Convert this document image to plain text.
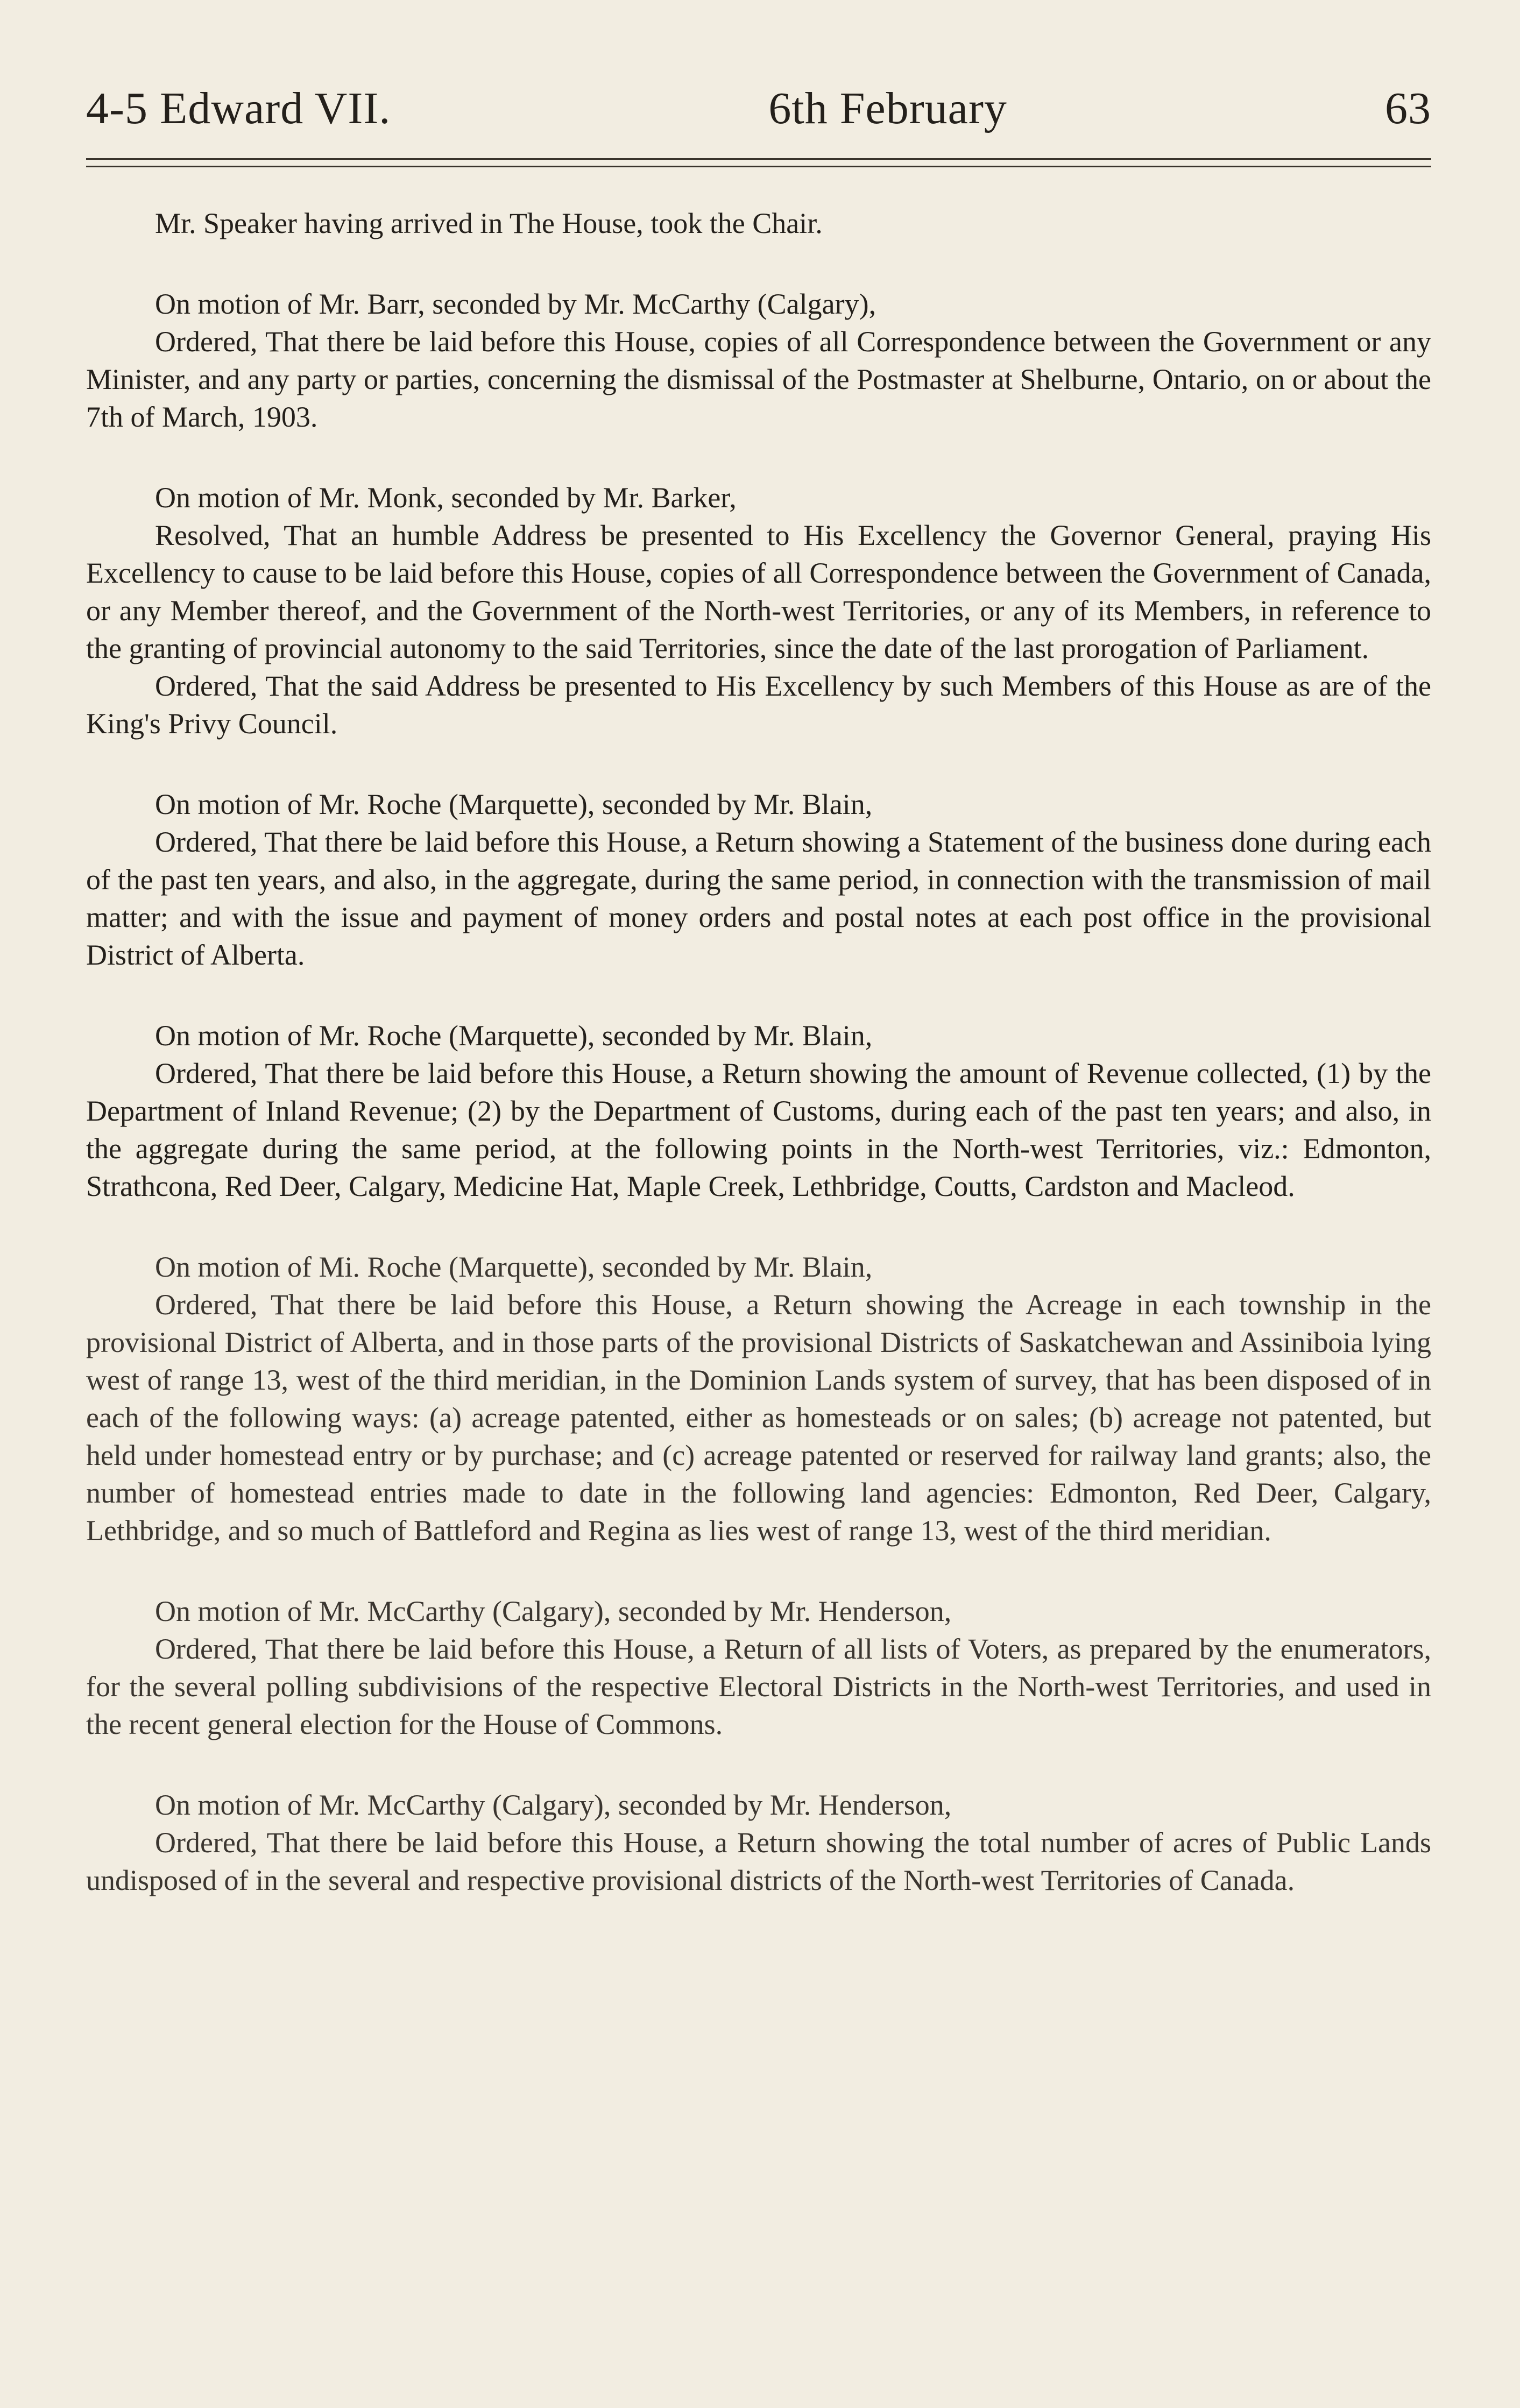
4-5 Edward VII.	6th February	63

Mr. Speaker having arrived in The House, took the Chair.

On motion of Mr. Barr, seconded by Mr. McCarthy (Calgary),

Ordered, That there be laid before this House, copies of all Correspondence between the Government or any Minister, and any party or parties, concerning the dismissal of the Postmaster at Shelburne, Ontario, on or about the 7th of March, 1903.

On motion of Mr. Monk, seconded by Mr. Barker,

Resolved, That an humble Address be presented to His Excellency the Governor General, praying His Excellency to cause to be laid before this House, copies of all Correspondence between the Government of Canada, or any Member thereof, and the Government of the North-west Territories, or any of its Members, in reference to the granting of provincial autonomy to the said Territories, since the date of the last prorogation of Parliament.

Ordered, That the said Address be presented to His Excellency by such Members of this House as are of the King's Privy Council.

On motion of Mr. Roche (Marquette), seconded by Mr. Blain,

Ordered, That there be laid before this House, a Return showing a Statement of the business done during each of the past ten years, and also, in the aggregate, during the same period, in connection with the transmission of mail matter; and with the issue and payment of money orders and postal notes at each post office in the provisional District of Alberta.

On motion of Mr. Roche (Marquette), seconded by Mr. Blain,

Ordered, That there be laid before this House, a Return showing the amount of Revenue collected, (1) by the Department of Inland Revenue; (2) by the Department of Customs, during each of the past ten years; and also, in the aggregate during the same period, at the following points in the North-west Territories, viz.: Edmonton, Strathcona, Red Deer, Calgary, Medicine Hat, Maple Creek, Lethbridge, Coutts, Cardston and Macleod.

On motion of Mi. Roche (Marquette), seconded by Mr. Blain,

Ordered, That there be laid before this House, a Return showing the Acreage in each township in the provisional District of Alberta, and in those parts of the provisional Districts of Saskatchewan and Assiniboia lying west of range 13, west of the third meridian, in the Dominion Lands system of survey, that has been disposed of in each of the following ways: (a) acreage patented, either as homesteads or on sales; (b) acreage not patented, but held under homestead entry or by purchase; and (c) acreage patented or reserved for railway land grants; also, the number of homestead entries made to date in the following land agencies: Edmonton, Red Deer, Calgary, Lethbridge, and so much of Battleford and Regina as lies west of range 13, west of the third meridian.

On motion of Mr. McCarthy (Calgary), seconded by Mr. Henderson,

Ordered, That there be laid before this House, a Return of all lists of Voters, as prepared by the enumerators, for the several polling subdivisions of the respective Electoral Districts in the North-west Territories, and used in the recent general election for the House of Commons.

On motion of Mr. McCarthy (Calgary), seconded by Mr. Henderson,

Ordered, That there be laid before this House, a Return showing the total number of acres of Public Lands undisposed of in the several and respective provisional districts of the North-west Territories of Canada.
